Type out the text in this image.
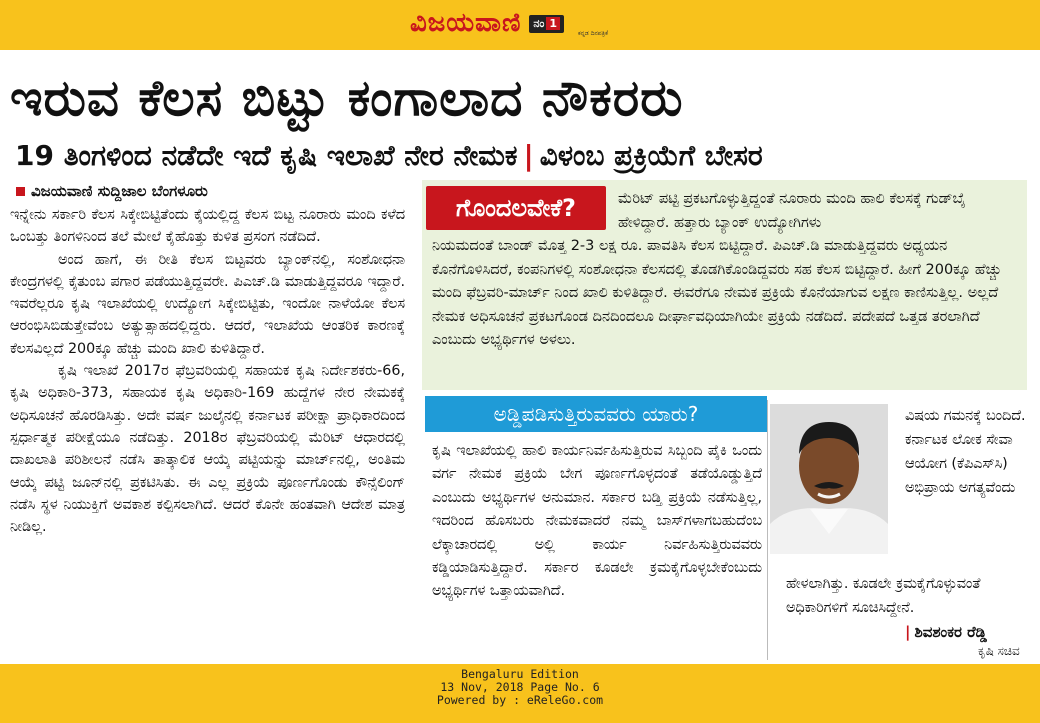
ವಿಜಯವಾಣಿ	ನಂ 1
ಕನ್ನಡ ದಿನಪತ್ರಿಕೆ
ಇರುವ ಕೆಲಸ ಬಿಟ್ಟು ಕಂಗಾಲಾದ ನೌಕರರು
19 ತಿಂಗಳಿಂದ ನಡೆದೇ ಇದೆ ಕೃಷಿ ಇಲಾಖೆ ನೇರ ನೇಮಕ | ವಿಳಂಬ ಪ್ರಕ್ರಿಯೆಗೆ ಬೇಸರ
ವಿಜಯವಾಣಿ ಸುದ್ದಿಜಾಲ ಬೆಂಗಳೂರು

ಇನ್ನೇನು ಸರ್ಕಾರಿ ಕೆಲಸ ಸಿಕ್ಕೇಬಿಟ್ಟಿತೆಂದು ಕೈಯಲ್ಲಿದ್ದ ಕೆಲಸ ಬಿಟ್ಟ ನೂರಾರು ಮಂದಿ ಕಳೆದ ಒಂಬತ್ತು ತಿಂಗಳಿನಿಂದ ತಲೆ ಮೇಲೆ ಕೈಹೊತ್ತು ಕುಳಿತ ಪ್ರಸಂಗ ನಡೆದಿದೆ.

ಅಂದ ಹಾಗೆ, ಈ ರೀತಿ ಕೆಲಸ ಬಿಟ್ಟವರು ಬ್ಯಾಂಕ್‌ನಲ್ಲಿ, ಸಂಶೋಧನಾ ಕೇಂದ್ರಗಳಲ್ಲಿ ಕೈತುಂಬ ಪಗಾರ ಪಡೆಯುತ್ತಿದ್ದವರೇ. ಪಿಎಚ್.ಡಿ ಮಾಡುತ್ತಿದ್ದವರೂ ಇದ್ದಾರೆ. ಇವರೆಲ್ಲರೂ ಕೃಷಿ ಇಲಾಖೆಯಲ್ಲಿ ಉದ್ಯೋಗ ಸಿಕ್ಕೇಬಿಟ್ಟಿತು, ಇಂದೋ ನಾಳೆಯೋ ಕೆಲಸ ಆರಂಭಿಸಿಬಿಡುತ್ತೇವೆಂಬ ಅತ್ಯುತ್ಸಾಹದಲ್ಲಿದ್ದರು. ಆದರೆ, ಇಲಾಖೆಯ ಆಂತರಿಕ ಕಾರಣಕ್ಕೆ ಕೆಲಸವಿಲ್ಲದೆ 200ಕ್ಕೂ ಹೆಚ್ಚು ಮಂದಿ ಖಾಲಿ ಕುಳಿತಿದ್ದಾರೆ.

ಕೃಷಿ ಇಲಾಖೆ 2017ರ ಫೆಬ್ರವರಿಯಲ್ಲಿ ಸಹಾಯಕ ಕೃಷಿ ನಿರ್ದೇಶಕರು-66, ಕೃಷಿ ಅಧಿಕಾರಿ-373, ಸಹಾಯಕ ಕೃಷಿ ಅಧಿಕಾರಿ-169 ಹುದ್ದೆಗಳ ನೇರ ನೇಮಕಕ್ಕೆ ಅಧಿಸೂಚನೆ ಹೊರಡಿಸಿತ್ತು. ಅದೇ ವರ್ಷ ಜುಲೈನಲ್ಲಿ ಕರ್ನಾಟಕ ಪರೀಕ್ಷಾ ಪ್ರಾಧಿಕಾರದಿಂದ ಸ್ಪರ್ಧಾತ್ಮಕ ಪರೀಕ್ಷೆಯೂ ನಡೆದಿತ್ತು. 2018ರ ಫೆಬ್ರವರಿಯಲ್ಲಿ ಮೆರಿಟ್ ಆಧಾರದಲ್ಲಿ ದಾಖಲಾತಿ ಪರಿಶೀಲನೆ ನಡೆಸಿ ತಾತ್ಕಾಲಿಕ ಆಯ್ಕೆ ಪಟ್ಟಿಯನ್ನು ಮಾರ್ಚ್‌ನಲ್ಲಿ, ಅಂತಿಮ ಆಯ್ಕೆ ಪಟ್ಟಿ ಜೂನ್‌ನಲ್ಲಿ ಪ್ರಕಟಿಸಿತು. ಈ ಎಲ್ಲ ಪ್ರಕ್ರಿಯೆ ಪೂರ್ಣಗೊಂಡು ಕೌನ್ಸೆಲಿಂಗ್ ನಡೆಸಿ ಸ್ಥಳ ನಿಯುಕ್ತಿಗೆ ಅವಕಾಶ ಕಲ್ಪಿಸಲಾಗಿದೆ. ಆದರೆ ಕೊನೇ ಹಂತವಾಗಿ ಆದೇಶ ಮಾತ್ರ ನೀಡಿಲ್ಲ.

ಮೆರಿಟ್ ಪಟ್ಟಿ ಪ್ರಕಟಗೊಳ್ಳುತ್ತಿದ್ದಂತೆ ನೂರಾರು ಮಂದಿ ಹಾಲಿ ಕೆಲಸಕ್ಕೆ ಗುಡ್‌ಬೈ ಹೇಳಿದ್ದಾರೆ. ಹತ್ತಾರು ಬ್ಯಾಂಕ್ ಉದ್ಯೋಗಿಗಳು
ನಿಯಮದಂತೆ ಬಾಂಡ್ ಮೊತ್ತ 2-3 ಲಕ್ಷ ರೂ. ಪಾವತಿಸಿ ಕೆಲಸ ಬಿಟ್ಟಿದ್ದಾರೆ. ಪಿಎಚ್.ಡಿ ಮಾಡುತ್ತಿದ್ದವರು ಅಧ್ಯಯನ ಕೊನೆಗೊಳಿಸಿದರೆ, ಕಂಪನಿಗಳಲ್ಲಿ ಸಂಶೋಧನಾ ಕೆಲಸದಲ್ಲಿ ತೊಡಗಿಕೊಂಡಿದ್ದವರು ಸಹ ಕೆಲಸ ಬಿಟ್ಟಿದ್ದಾರೆ. ಹೀಗೆ 200ಕ್ಕೂ ಹೆಚ್ಚು ಮಂದಿ ಫೆಬ್ರವರಿ-ಮಾರ್ಚ್ ನಿಂದ ಖಾಲಿ ಕುಳಿತಿದ್ದಾರೆ. ಈವರೆಗೂ ನೇಮಕ ಪ್ರಕ್ರಿಯೆ ಕೊನೆಯಾಗುವ ಲಕ್ಷಣ ಕಾಣಿಸುತ್ತಿಲ್ಲ. ಅಲ್ಲದೆ ನೇಮಕ ಅಧಿಸೂಚನೆ ಪ್ರಕಟಗೊಂಡ ದಿನದಿಂದಲೂ ದೀರ್ಘಾವಧಿಯಾಗಿಯೇ ಪ್ರಕ್ರಿಯೆ ನಡೆದಿದೆ. ಪದೇಪದೆ ಒತ್ತಡ ತರಲಾಗಿದೆ ಎಂಬುದು ಅಭ್ಯರ್ಥಿಗಳ ಅಳಲು.
ಗೊಂದಲವೇಕೆ?
ಅಡ್ಡಿಪಡಿಸುತ್ತಿರುವವರು ಯಾರು?
ಕೃಷಿ ಇಲಾಖೆಯಲ್ಲಿ ಹಾಲಿ ಕಾರ್ಯನಿರ್ವಹಿಸುತ್ತಿರುವ ಸಿಬ್ಬಂದಿ ಪೈಕಿ ಒಂದು ವರ್ಗ ನೇಮಕ ಪ್ರಕ್ರಿಯೆ ಬೇಗ ಪೂರ್ಣಗೊಳ್ಳದಂತೆ ತಡೆಯೊಡ್ಡುತ್ತಿದೆ ಎಂಬುದು ಅಭ್ಯರ್ಥಿಗಳ ಅನುಮಾನ. ಸರ್ಕಾರ ಬಡ್ತಿ ಪ್ರಕ್ರಿಯೆ ನಡೆಸುತ್ತಿಲ್ಲ, ಇದರಿಂದ ಹೊಸಬರು ನೇಮಕವಾದರೆ ನಮ್ಮ ಬಾಸ್‌ಗಳಾಗಬಹುದೆಂಬ ಲೆಕ್ಕಾಚಾರದಲ್ಲಿ ಅಲ್ಲಿ ಕಾರ್ಯ ನಿರ್ವಹಿಸುತ್ತಿರುವವರು ಕಡ್ಡಿಯಾಡಿಸುತ್ತಿದ್ದಾರೆ. ಸರ್ಕಾರ ಕೂಡಲೇ ಕ್ರಮಕೈಗೊಳ್ಳಬೇಕೆಂಬುದು ಅಭ್ಯರ್ಥಿಗಳ ಒತ್ತಾಯವಾಗಿದೆ.
ವಿಷಯ ಗಮನಕ್ಕೆ ಬಂದಿದೆ. ಕರ್ನಾಟಕ ಲೋಕ ಸೇವಾ ಆಯೋಗ (ಕೆಪಿಎಸ್‌ಸಿ) ಅಭಿಪ್ರಾಯ ಅಗತ್ಯವೆಂದು
ಹೇಳಲಾಗಿತ್ತು. ಕೂಡಲೇ ಕ್ರಮಕೈಗೊಳ್ಳುವಂತೆ ಅಧಿಕಾರಿಗಳಿಗೆ ಸೂಚಿಸಿದ್ದೇನೆ.
| ಶಿವಶಂಕರ ರೆಡ್ಡಿ
ಕೃಷಿ ಸಚಿವ
Bengaluru Edition
13 Nov, 2018 Page No. 6
Powered by : eReleGo.com
